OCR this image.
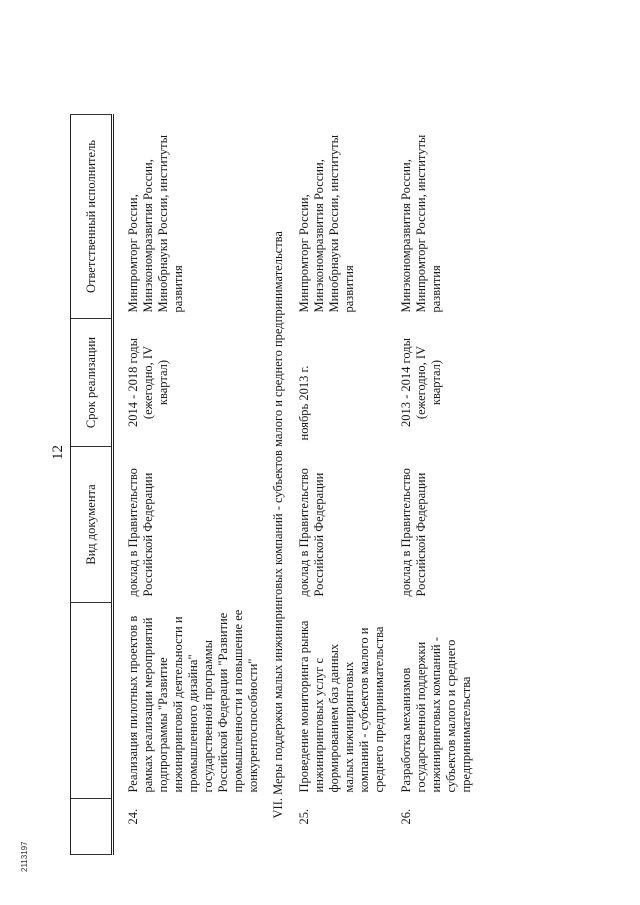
12
		Вид документа	Срок реализации	Ответственный исполнитель

24.	Реализация пилотных проектов в рамках реализации мероприятий подпрограммы "Развитие инжиниринговой деятельности и промышленного дизайна" государственной программы Российской Федерации "Развитие промышленности и повышение ее конкурентоспособности"	доклад в Правительство Российской Федерации	2014 - 2018 годы (ежегодно, IV квартал)	Минпромторг России, Минэкономразвития России, Минобрнауки России, институты развития
VII. Меры поддержки малых инжиниринговых компаний - субъектов малого и среднего предпринимательства				
25.	Проведение мониторинга рынка инжиниринговых услуг с формированием баз данных малых инжиниринговых компаний - субъектов малого и среднего предпринимательства	доклад в Правительство Российской Федерации	ноябрь 2013 г.	Минпромторг России, Минэкономразвития России, Минобрнауки России, институты развития

26.	Разработка механизмов государственной поддержки инжиниринговых компаний - субъектов малого и среднего предпринимательства	доклад в Правительство Российской Федерации	2013 - 2014 годы (ежегодно, IV квартал)	Минэкономразвития России, Минпромторг России, институты развития
2113197
